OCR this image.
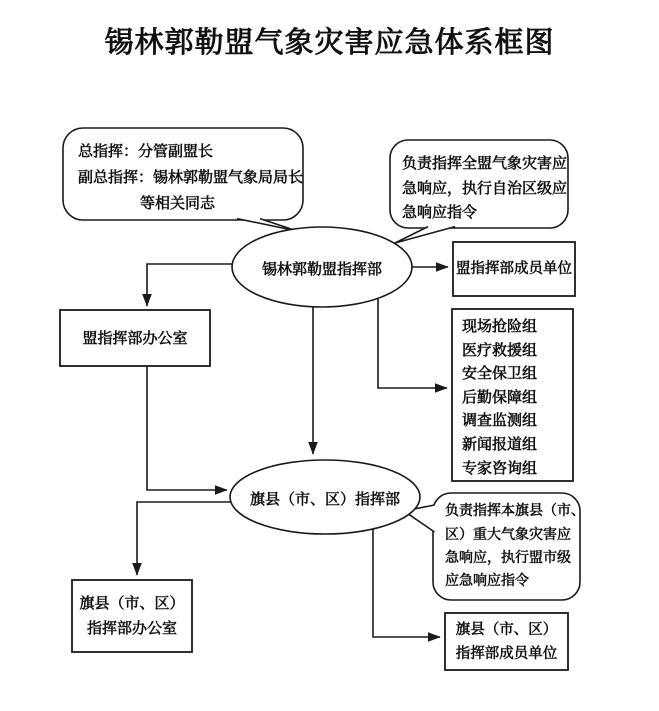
锡林郭勒盟气象灾害应急体系框图
总指挥：分管副盟长
副总指挥：锡林郭勒盟气象局局长
等相关同志
负责指挥全盟气象灾害应
急响应，执行自治区级应
急响应指令
负责指挥本旗县（市、
区）重大气象灾害应
急响应，执行盟市级
应急响应指令
锡林郭勒盟指挥部
旗县（市、区）指挥部
盟指挥部成员单位
盟指挥部办公室
旗县（市、区）
指挥部办公室	旗县（市、区）
指挥部成员单位
现场抢险组
医疗救援组
安全保卫组
后勤保障组
调查监测组
新闻报道组
专家咨询组
